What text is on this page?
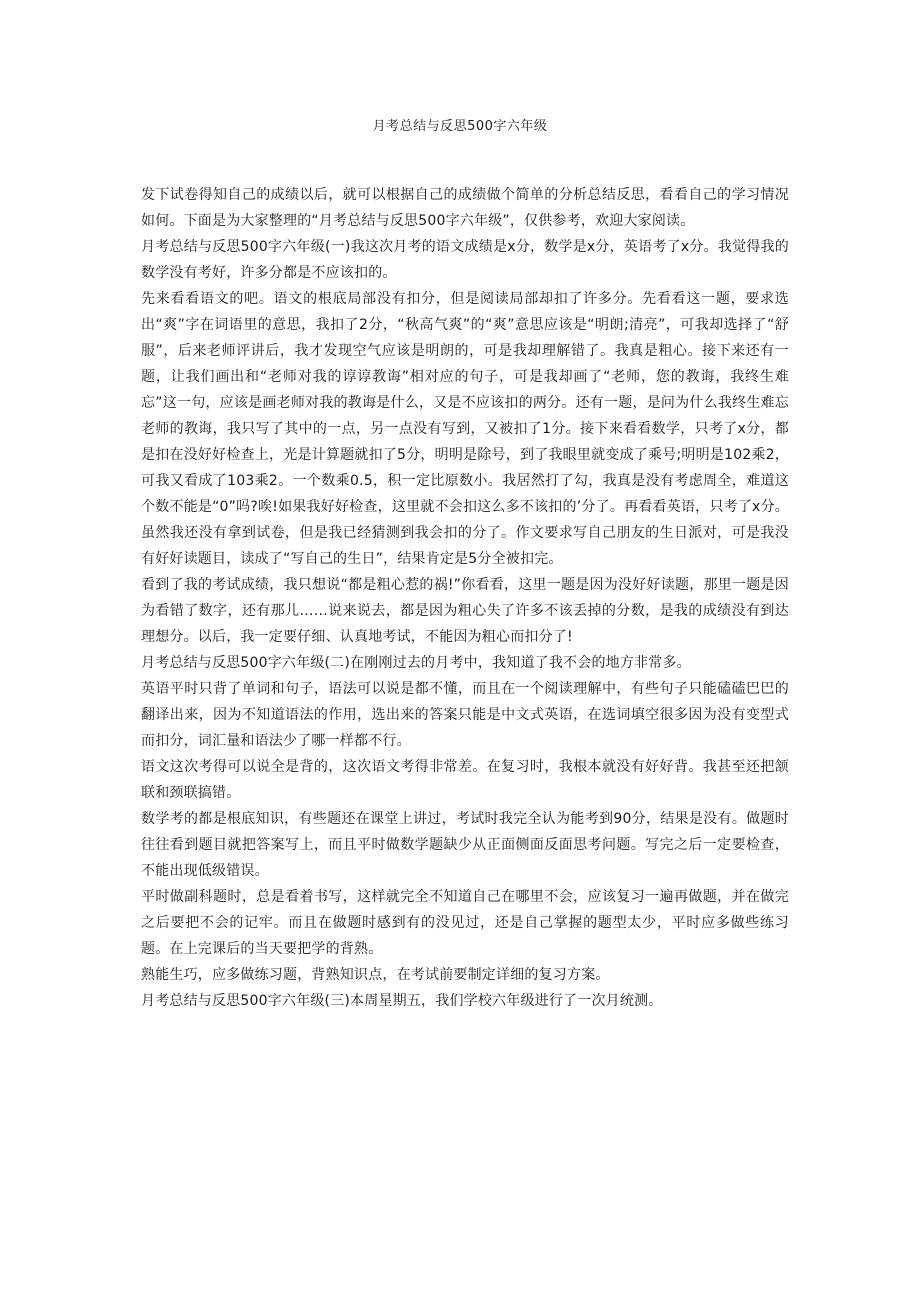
月考总结与反思500字六年级

发下试卷得知自己的成绩以后，就可以根据自己的成绩做个简单的分析总结反思，看看自己的学习情况如何。下面是为大家整理的“月考总结与反思500字六年级”，仅供参考，欢迎大家阅读。

月考总结与反思500字六年级(一)我这次月考的语文成绩是x分，数学是x分，英语考了x分。我觉得我的数学没有考好，许多分都是不应该扣的。

先来看看语文的吧。语文的根底局部没有扣分，但是阅读局部却扣了许多分。先看看这一题，要求选出“爽”字在词语里的意思，我扣了2分，“秋高气爽”的“爽”意思应该是“明朗;清亮”，可我却选择了“舒服”，后来老师评讲后，我才发现空气应该是明朗的，可是我却理解错了。我真是粗心。接下来还有一题，让我们画出和“老师对我的谆谆教诲”相对应的句子，可是我却画了“老师，您的教诲，我终生难忘”这一句，应该是画老师对我的教诲是什么，又是不应该扣的两分。还有一题，是问为什么我终生难忘老师的教诲，我只写了其中的一点，另一点没有写到，又被扣了1分。接下来看看数学，只考了x分，都是扣在没好好检查上，光是计算题就扣了5分，明明是除号，到了我眼里就变成了乘号;明明是102乘2，可我又看成了103乘2。一个数乘0.5，积一定比原数小。我居然打了勾，我真是没有考虑周全，难道这个数不能是“0”吗?唉!如果我好好检查，这里就不会扣这么多不该扣的’分了。再看看英语，只考了x分。虽然我还没有拿到试卷，但是我已经猜测到我会扣的分了。作文要求写自己朋友的生日派对，可是我没有好好读题目，读成了“写自己的生日”，结果肯定是5分全被扣完。

看到了我的考试成绩，我只想说“都是粗心惹的祸!”你看看，这里一题是因为没好好读题，那里一题是因为看错了数字，还有那儿……说来说去，都是因为粗心失了许多不该丢掉的分数，是我的成绩没有到达理想分。以后，我一定要仔细、认真地考试，不能因为粗心而扣分了!

月考总结与反思500字六年级(二)在刚刚过去的月考中，我知道了我不会的地方非常多。

英语平时只背了单词和句子，语法可以说是都不懂，而且在一个阅读理解中，有些句子只能磕磕巴巴的翻译出来，因为不知道语法的作用，选出来的答案只能是中文式英语，在选词填空很多因为没有变型式而扣分，词汇量和语法少了哪一样都不行。

语文这次考得可以说全是背的，这次语文考得非常差。在复习时，我根本就没有好好背。我甚至还把颔联和颈联搞错。

数学考的都是根底知识，有些题还在课堂上讲过，考试时我完全认为能考到90分，结果是没有。做题时往往看到题目就把答案写上，而且平时做数学题缺少从正面侧面反面思考问题。写完之后一定要检查，不能出现低级错误。

平时做副科题时，总是看着书写，这样就完全不知道自己在哪里不会，应该复习一遍再做题，并在做完之后要把不会的记牢。而且在做题时感到有的没见过，还是自己掌握的题型太少，平时应多做些练习题。在上完课后的当天要把学的背熟。

熟能生巧，应多做练习题，背熟知识点，在考试前要制定详细的复习方案。

月考总结与反思500字六年级(三)本周星期五，我们学校六年级进行了一次月统测。
